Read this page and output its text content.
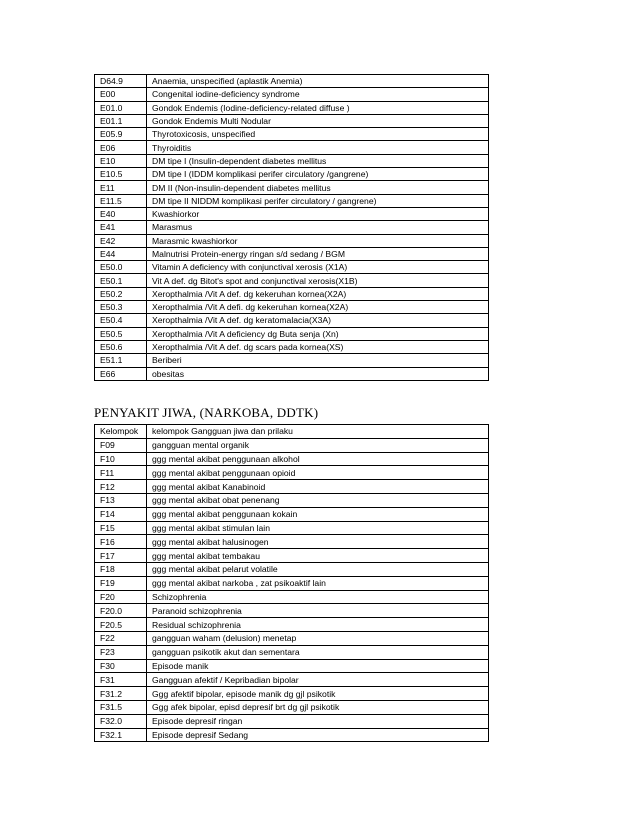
D64.9	Anaemia, unspecified (aplastik Anemia)
E00	Congenital iodine-deficiency syndrome
E01.0	Gondok Endemis (Iodine-deficiency-related diffuse )
E01.1	Gondok Endemis Multi Nodular
E05.9	Thyrotoxicosis, unspecified
E06	Thyroiditis
E10	DM tipe I (Insulin-dependent diabetes mellitus
E10.5	DM tipe I (IDDM komplikasi perifer circulatory /gangrene)
E11	DM II (Non-insulin-dependent diabetes mellitus
E11.5	DM tipe II NIDDM komplikasi perifer circulatory / gangrene)
E40	Kwashiorkor
E41	Marasmus
E42	Marasmic kwashiorkor
E44	Malnutrisi Protein-energy ringan s/d sedang / BGM
E50.0	Vitamin A deficiency with conjunctival xerosis (X1A)
E50.1	Vit A def. dg Bitot's spot and conjunctival xerosis(X1B)
E50.2	Xeropthalmia /Vit A def. dg kekeruhan kornea(X2A)
E50.3	Xeropthalmia /Vit A defi. dg kekeruhan kornea(X2A)
E50.4	Xeropthalmia /Vit A def. dg keratomalacia(X3A)
E50.5	Xeropthalmia /Vit A deficiency dg Buta senja (Xn)
E50.6	Xeropthalmia /Vit A def. dg scars pada kornea(XS)
E51.1	Beriberi
E66	obesitas
PENYAKIT JIWA, (NARKOBA, DDTK)
Kelompok	kelompok Gangguan jiwa dan prilaku
F09	gangguan mental organik
F10	ggg mental akibat penggunaan alkohol
F11	ggg mental akibat penggunaan opioid
F12	ggg mental akibat Kanabinoid
F13	ggg mental akibat obat penenang
F14	ggg mental akibat penggunaan kokain
F15	ggg mental akibat stimulan lain
F16	ggg mental akibat halusinogen
F17	ggg mental akibat tembakau
F18	ggg mental akibat pelarut volatile
F19	ggg mental akibat narkoba , zat psikoaktif lain
F20	Schizophrenia
F20.0	Paranoid schizophrenia
F20.5	Residual schizophrenia
F22	gangguan waham (delusion) menetap
F23	gangguan psikotik akut dan sementara
F30	Episode manik
F31	Gangguan afektif / Kepribadian bipolar
F31.2	Ggg afektif bipolar, episode manik dg gjl psikotik
F31.5	Ggg afek bipolar, episd depresif brt dg gjl psikotik
F32.0	Episode depresif ringan
F32.1	Episode depresif Sedang
